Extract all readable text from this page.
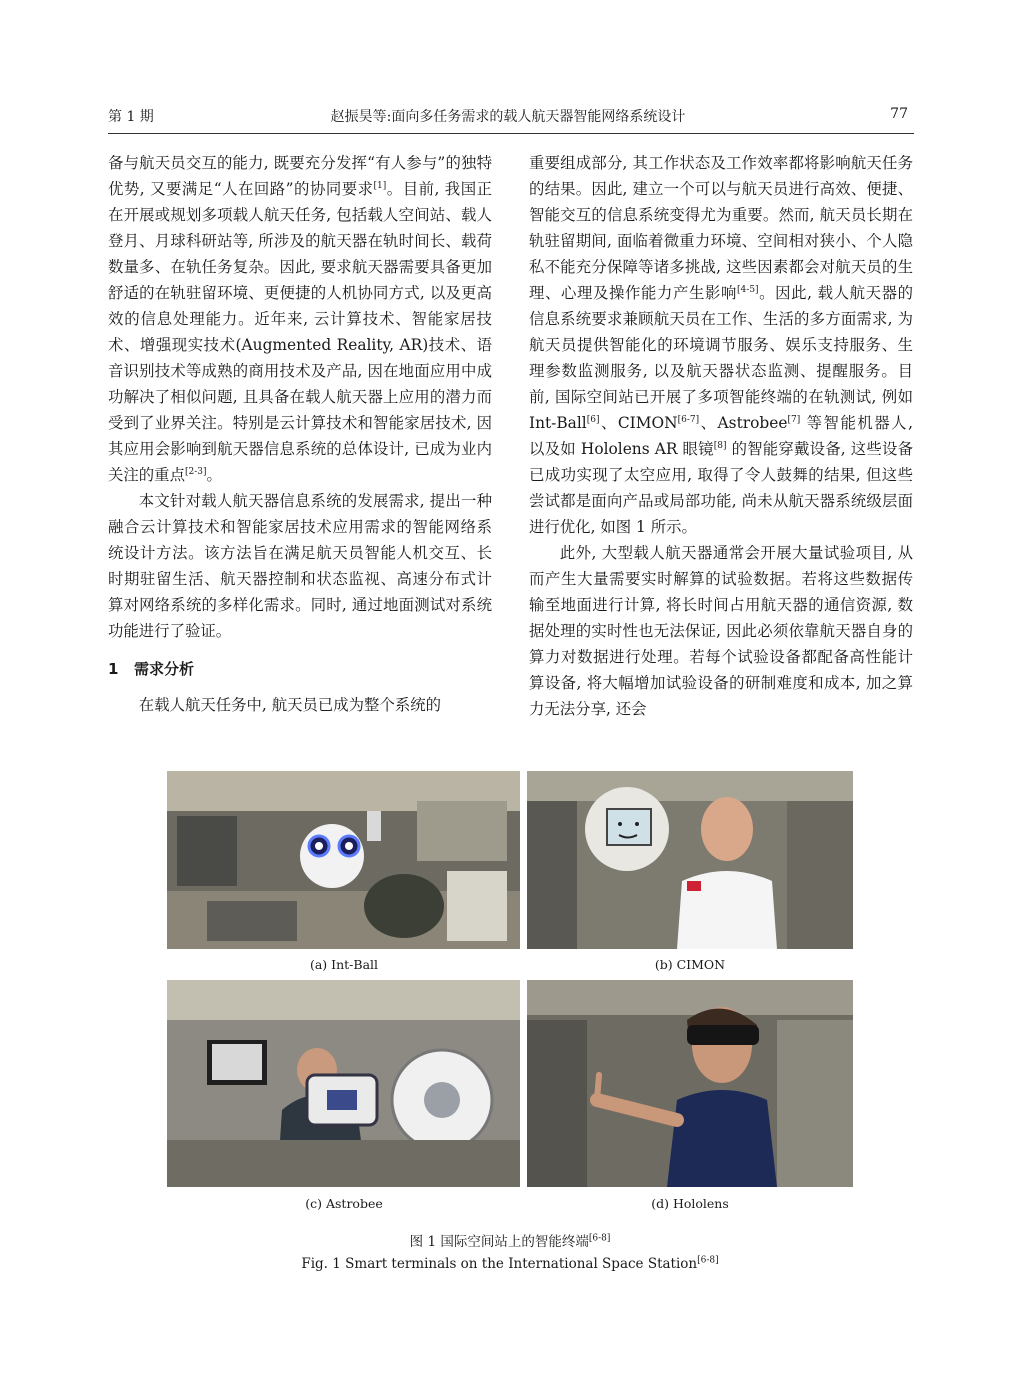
第 1 期	赵振昊等:面向多任务需求的载人航天器智能网络系统设计	77

备与航天员交互的能力, 既要充分发挥“有人参与”的独特优势, 又要满足“人在回路”的协同要求[1]。目前, 我国正在开展或规划多项载人航天任务, 包括载人空间站、载人登月、月球科研站等, 所涉及的航天器在轨时间长、载荷数量多、在轨任务复杂。因此, 要求航天器需要具备更加舒适的在轨驻留环境、更便捷的人机协同方式, 以及更高效的信息处理能力。近年来, 云计算技术、智能家居技术、增强现实技术(Augmented Reality, AR)技术、语音识别技术等成熟的商用技术及产品, 因在地面应用中成功解决了相似问题, 且具备在载人航天器上应用的潜力而受到了业界关注。特别是云计算技术和智能家居技术, 因其应用会影响到航天器信息系统的总体设计, 已成为业内关注的重点[2-3]。

本文针对载人航天器信息系统的发展需求, 提出一种融合云计算技术和智能家居技术应用需求的智能网络系统设计方法。该方法旨在满足航天员智能人机交互、长时期驻留生活、航天器控制和状态监视、高速分布式计算对网络系统的多样化需求。同时, 通过地面测试对系统功能进行了验证。

1 需求分析

在载人航天任务中, 航天员已成为整个系统的

重要组成部分, 其工作状态及工作效率都将影响航天任务的结果。因此, 建立一个可以与航天员进行高效、便捷、智能交互的信息系统变得尤为重要。然而, 航天员长期在轨驻留期间, 面临着微重力环境、空间相对狭小、个人隐私不能充分保障等诸多挑战, 这些因素都会对航天员的生理、心理及操作能力产生影响[4-5]。因此, 载人航天器的信息系统要求兼顾航天员在工作、生活的多方面需求, 为航天员提供智能化的环境调节服务、娱乐支持服务、生理参数监测服务, 以及航天器状态监测、提醒服务。目前, 国际空间站已开展了多项智能终端的在轨测试, 例如 Int-Ball[6]、CIMON[6-7]、Astrobee[7] 等智能机器人, 以及如 Hololens AR 眼镜[8] 的智能穿戴设备, 这些设备已成功实现了太空应用, 取得了令人鼓舞的结果, 但这些尝试都是面向产品或局部功能, 尚未从航天器系统级层面进行优化, 如图 1 所示。

此外, 大型载人航天器通常会开展大量试验项目, 从而产生大量需要实时解算的试验数据。若将这些数据传输至地面进行计算, 将长时间占用航天器的通信资源, 数据处理的实时性也无法保证, 因此必须依靠航天器自身的算力对数据进行处理。若每个试验设备都配备高性能计算设备, 将大幅增加试验设备的研制难度和成本, 加之算力无法分享, 还会

(a) Int-Ball	(b) CIMON
(c) Astrobee	(d) Hololens
图 1 国际空间站上的智能终端[6-8]
Fig. 1 Smart terminals on the International Space Station[6-8]
